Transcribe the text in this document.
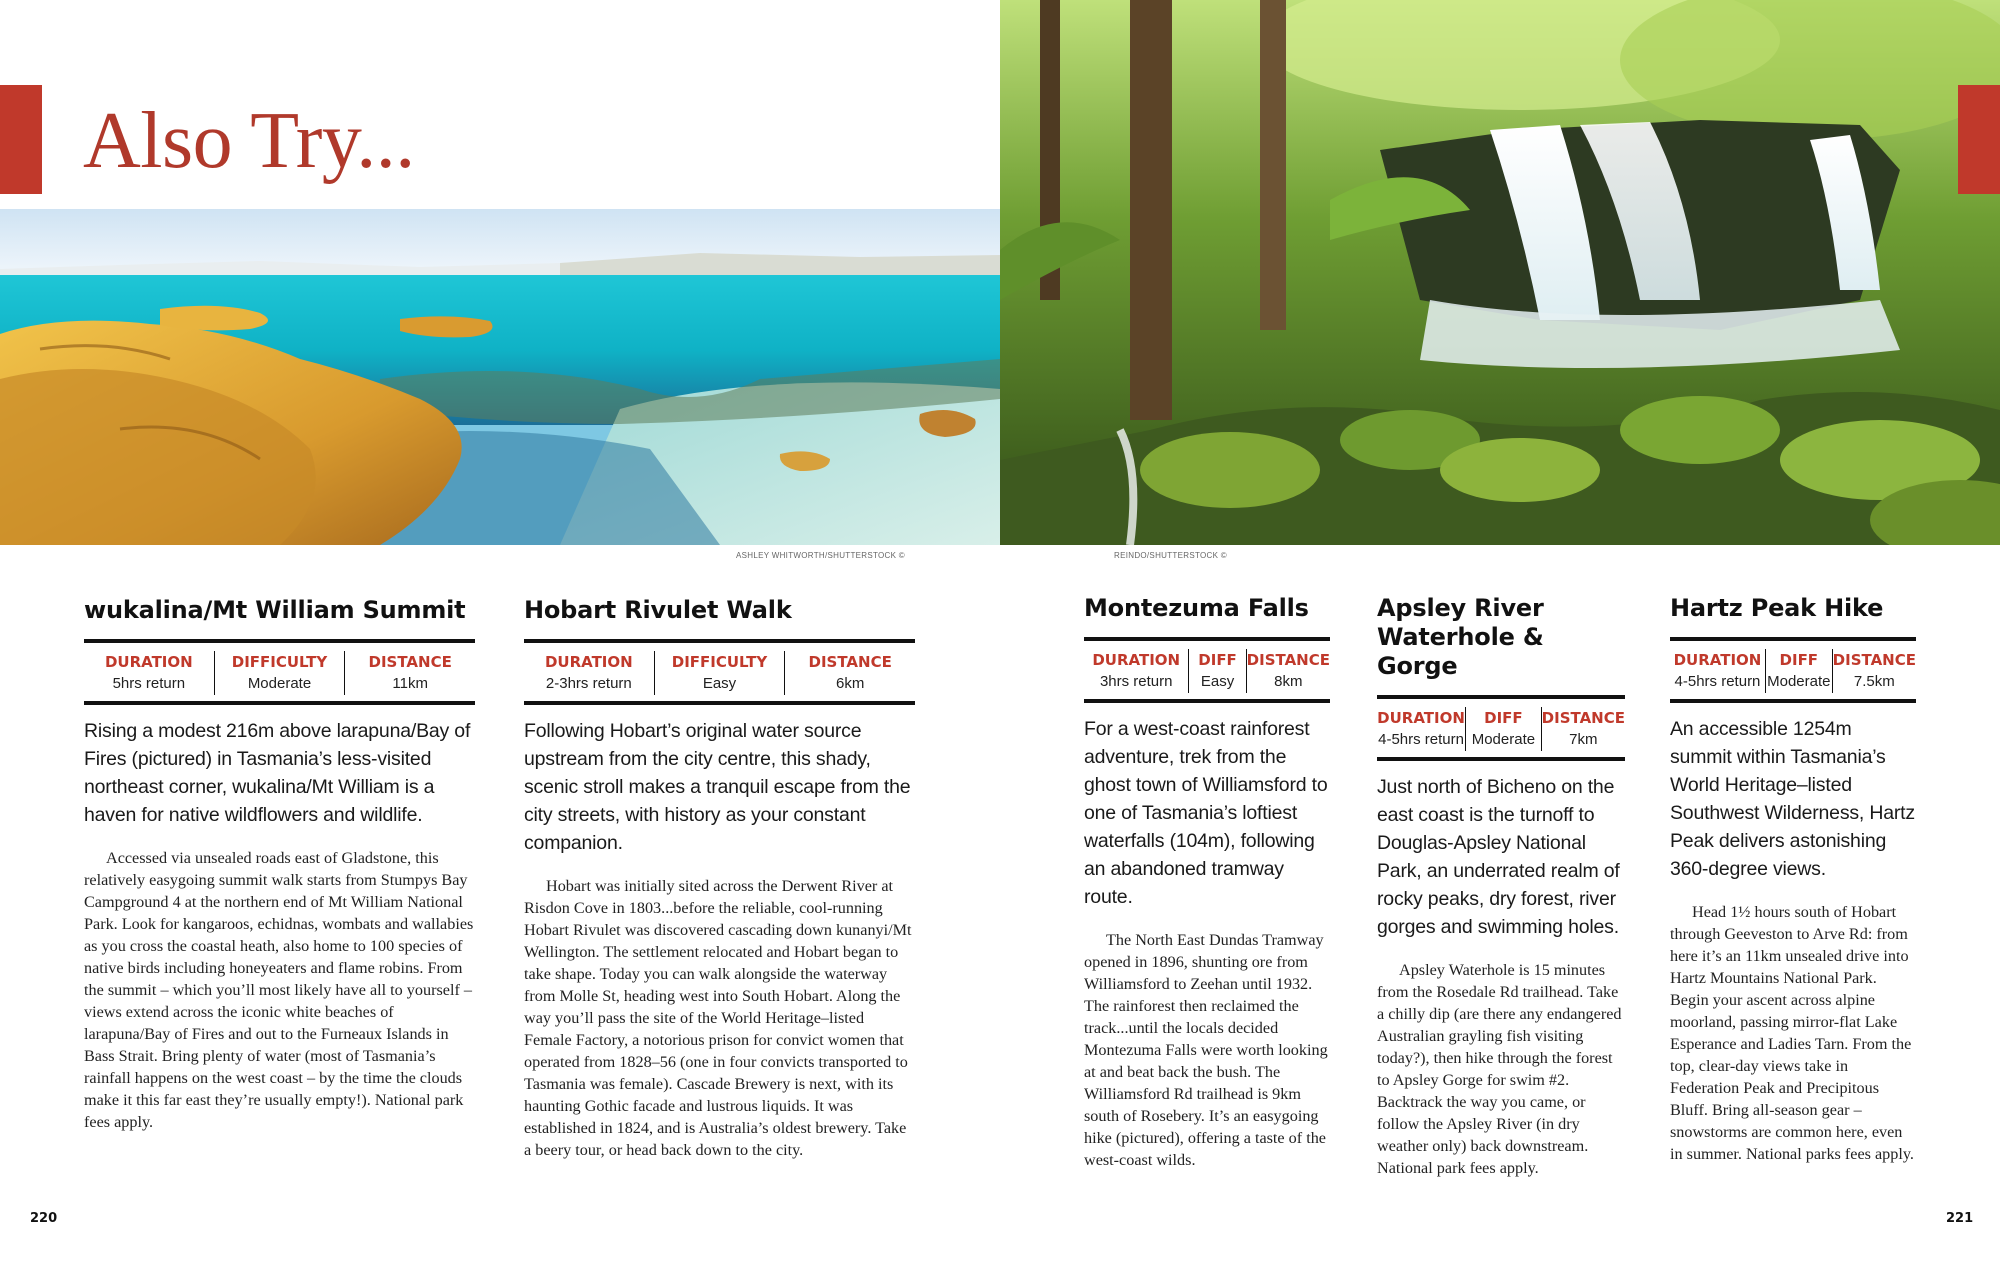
Also Try...
ASHLEY WHITWORTH/SHUTTERSTOCK ©	REINDO/SHUTTERSTOCK ©
wukalina/Mt William Summit
DURATION
5hrs return
DIFFICULTY
Moderate
DISTANCE
11km

Rising a modest 216m above larapuna/Bay of Fires (pictured) in Tasmania’s less-visited northeast corner, wukalina/Mt William is a haven for native wildflowers and wildlife.

Accessed via unsealed roads east of Gladstone, this relatively easygoing summit walk starts from Stumpys Bay Campground 4 at the northern end of Mt William National Park. Look for kangaroos, echidnas, wombats and wallabies as you cross the coastal heath, also home to 100 species of native birds including honeyeaters and flame robins. From the summit – which you’ll most likely have all to yourself – views extend across the iconic white beaches of larapuna/Bay of Fires and out to the Furneaux Islands in Bass Strait. Bring plenty of water (most of Tasmania’s rainfall happens on the west coast – by the time the clouds make it this far east they’re usually empty!). National park fees apply.

Hobart Rivulet Walk
DURATION
2-3hrs return
DIFFICULTY
Easy
DISTANCE
6km

Following Hobart’s original water source upstream from the city centre, this shady, scenic stroll makes a tranquil escape from the city streets, with history as your constant companion.

Hobart was initially sited across the Derwent River at Risdon Cove in 1803...before the reliable, cool-running Hobart Rivulet was discovered cascading down kunanyi/Mt Wellington. The settlement relocated and Hobart began to take shape. Today you can walk alongside the waterway from Molle St, heading west into South Hobart. Along the way you’ll pass the site of the World Heritage–listed Female Factory, a notorious prison for convict women that operated from 1828–56 (one in four convicts transported to Tasmania was female). Cascade Brewery is next, with its haunting Gothic facade and lustrous liquids. It was established in 1824, and is Australia’s oldest brewery. Take a beery tour, or head back down to the city.

Montezuma Falls
DURATION
3hrs return
DIFF
Easy
DISTANCE
8km

For a west-coast rainforest adventure, trek from the ghost town of Williamsford to one of Tasmania’s loftiest waterfalls (104m), following an abandoned tramway route.

The North East Dundas Tramway opened in 1896, shunting ore from Williamsford to Zeehan until 1932. The rainforest then reclaimed the track...until the locals decided Montezuma Falls were worth looking at and beat back the bush. The Williamsford Rd trailhead is 9km south of Rosebery. It’s an easygoing hike (pictured), offering a taste of the west-coast wilds.

Apsley River Waterhole & Gorge
DURATION
4-5hrs return
DIFF
Moderate
DISTANCE
7km

Just north of Bicheno on the east coast is the turnoff to Douglas-Apsley National Park, an underrated realm of rocky peaks, dry forest, river gorges and swimming holes.

Apsley Waterhole is 15 minutes from the Rosedale Rd trailhead. Take a chilly dip (are there any endangered Australian grayling fish visiting today?), then hike through the forest to Apsley Gorge for swim #2. Backtrack the way you came, or follow the Apsley River (in dry weather only) back downstream. National park fees apply.

Hartz Peak Hike
DURATION
4-5hrs return
DIFF
Moderate
DISTANCE
7.5km

An accessible 1254m summit within Tasmania’s World Heritage–listed Southwest Wilderness, Hartz Peak delivers astonishing 360-degree views.

Head 1½ hours south of Hobart through Geeveston to Arve Rd: from here it’s an 11km unsealed drive into Hartz Mountains National Park. Begin your ascent across alpine moorland, passing mirror-flat Lake Esperance and Ladies Tarn. From the top, clear-day views take in Federation Peak and Precipitous Bluff. Bring all-season gear – snowstorms are common here, even in summer. National parks fees apply.

220	221
